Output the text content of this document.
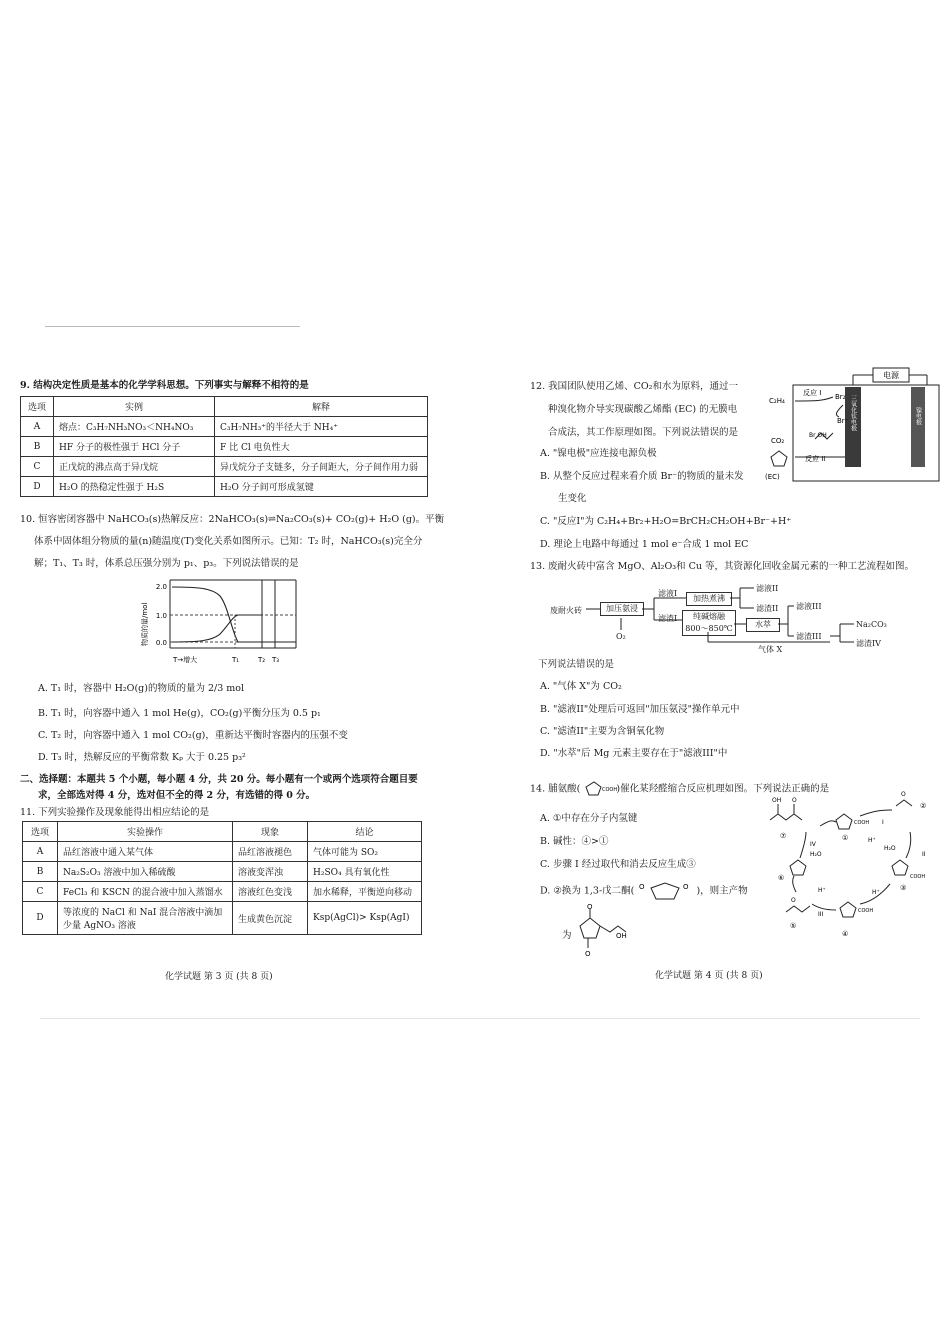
9. 结构决定性质是基本的化学学科思想。下列事实与解释不相符的是
选项	实例	解释
A	熔点：C₃H₇NH₃NO₃＜NH₄NO₃	C₃H₇NH₃⁺的半径大于 NH₄⁺
B	HF 分子的极性强于 HCl 分子	F 比 Cl 电负性大
C	正戊烷的沸点高于异戊烷	异戊烷分子支链多，分子间距大，分子间作用力弱
D	H₂O 的热稳定性强于 H₂S	H₂O 分子间可形成氢键
10. 恒容密闭容器中 NaHCO₃(s)热解反应：2NaHCO₃(s)⇌Na₂CO₃(s)+ CO₂(g)+ H₂O (g)。平衡
体系中固体组分物质的量(n)随温度(T)变化关系如图所示。已知：T₂ 时，NaHCO₃(s)完全分
解；T₁、T₃ 时，体系总压强分别为 p₁、p₃。下列说法错误的是
物质的量/mol
2.0
1.0
0.0
T→增大	T₁	T₂ T₃
A. T₁ 时，容器中 H₂O(g)的物质的量为 2/3 mol
B. T₁ 时，向容器中通入 1 mol He(g)，CO₂(g)平衡分压为 0.5 p₁
C. T₂ 时，向容器中通入 1 mol CO₂(g)，重新达平衡时容器内的压强不变
D. T₃ 时，热解反应的平衡常数 Kₚ 大于 0.25 p₃²
二、选择题：本题共 5 个小题，每小题 4 分，共 20 分。每小题有一个或两个选项符合题目要
求，全部选对得 4 分，选对但不全的得 2 分，有选错的得 0 分。
11. 下列实验操作及现象能得出相应结论的是
选项	实验操作	现象	结论
A	品红溶液中通入某气体	品红溶液褪色	气体可能为 SO₂
B	Na₂S₂O₃ 溶液中加入稀硫酸	溶液变浑浊	H₂SO₄ 具有氧化性
C	FeCl₃ 和 KSCN 的混合液中加入蒸馏水	溶液红色变浅	加水稀释，平衡逆向移动
D	等浓度的 NaCl 和 NaI 混合溶液中滴加
少量 AgNO₃ 溶液	生成黄色沉淀	Ksp(AgCl)> Ksp(AgI)
化学试题 第 3 页 (共 8 页)
12. 我国团队使用乙烯、CO₂和水为原料，通过一
种溴化物介导实现碳酸乙烯酯 (EC) 的无膜电
合成法，其工作原理如图。下列说法错误的是
A. "镍电极"应连接电源负极
B. 从整个反应过程来看介质 Br⁻的物质的量未发
生变化
C. "反应Ⅰ"为 C₂H₄+Br₂+H₂O=BrCH₂CH₂OH+Br⁻+H⁺
D. 理论上电路中每通过 1 mol e⁻合成 1 mol EC
电源
三氧化钛电极	镍电极
C₂H₄
反应 I Br₂
Br⁻
Br OH
CO₂
反应 II
(EC)
13. 废耐火砖中富含 MgO、Al₂O₃和 Cu 等，其资源化回收金属元素的一种工艺流程如图。
废耐火砖	加压氨浸
O₂
滤液I
加热煮沸
滤液II
滤渣I	纯碱熔融
800～850℃
滤渣II
水萃
滤液III
滤渣III
Na₂CO₃
滤渣IV
气体 X
下列说法错误的是
A. "气体 X"为 CO₂
B. "滤液II"处理后可返回"加压氨浸"操作单元中
C. "滤渣II"主要为含铜氧化物
D. "水萃"后 Mg 元素主要存在于"滤液III"中
14. 脯氨酸(	COOH
)催化某羟醛缩合反应机理如图。下列说法正确的是
A. ①中存在分子内氢键
B. 碱性：④>①
C. 步骤 I 经过取代和消去反应生成③
D. ②换为 1,3-戊二酮( O	O )，则主产物
为
O
O
OH
OH O
⑦
COOH
①
O
②
I
H⁺
H₂O
COOH
③
II
COOH
④
H⁺
O
⑤
III
H⁺
⑥
IV
H₂O
化学试题 第 4 页 (共 8 页)
